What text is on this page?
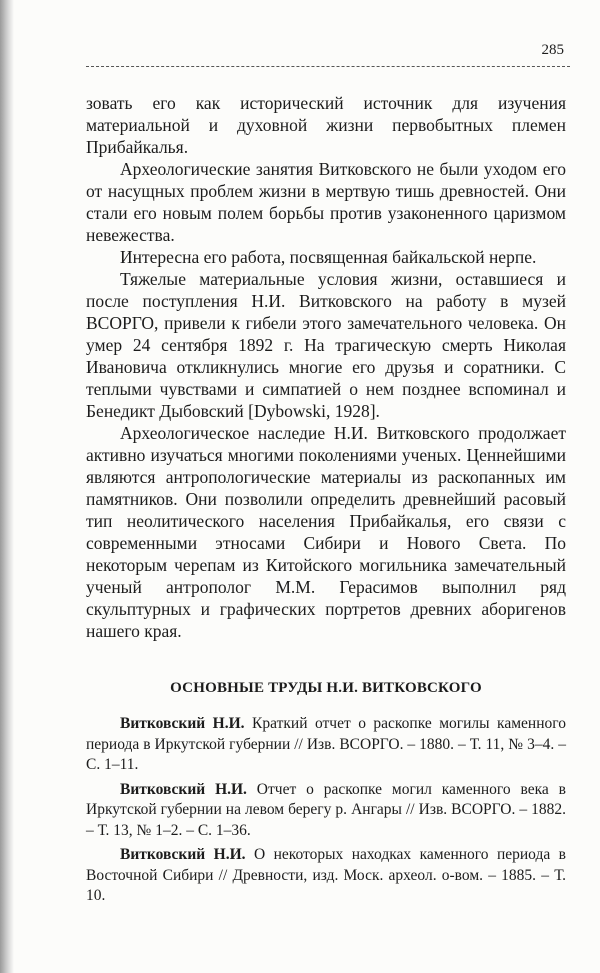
285

зовать его как исторический источник для изучения материальной и духовной жизни первобытных племен Прибайкалья.

Археологические занятия Витковского не были уходом его от насущных проблем жизни в мертвую тишь древностей. Они стали его новым полем борьбы против узаконенного царизмом невежества.

Интересна его работа, посвященная байкальской нерпе.

Тяжелые материальные условия жизни, оставшиеся и после поступления Н.И. Витковского на работу в музей ВСОРГО, привели к гибели этого замечательного человека. Он умер 24 сентября 1892 г. На трагическую смерть Николая Ивановича откликнулись многие его друзья и соратники. С теплыми чувствами и симпатией о нем позднее вспоминал и Бенедикт Дыбовский [Dybowski, 1928].

Археологическое наследие Н.И. Витковского продолжает активно изучаться многими поколениями ученых. Ценнейшими являются антропологические материалы из раскопанных им памятников. Они позволили определить древнейший расовый тип неолитического населения Прибайкалья, его связи с современными этносами Сибири и Нового Света. По некоторым черепам из Китойского могильника замечательный ученый антрополог М.М. Герасимов выполнил ряд скульптурных и графических портретов древних аборигенов нашего края.

ОСНОВНЫЕ ТРУДЫ Н.И. ВИТКОВСКОГО

Витковский Н.И. Краткий отчет о раскопке могилы каменного периода в Иркутской губернии // Изв. ВСОРГО. – 1880. – Т. 11, № 3–4. – С. 1–11.

Витковский Н.И. Отчет о раскопке могил каменного века в Иркутской губернии на левом берегу р. Ангары // Изв. ВСОРГО. – 1882. – Т. 13, № 1–2. – С. 1–36.

Витковский Н.И. О некоторых находках каменного периода в Восточной Сибири // Древности, изд. Моск. археол. о-вом. – 1885. – Т. 10.
